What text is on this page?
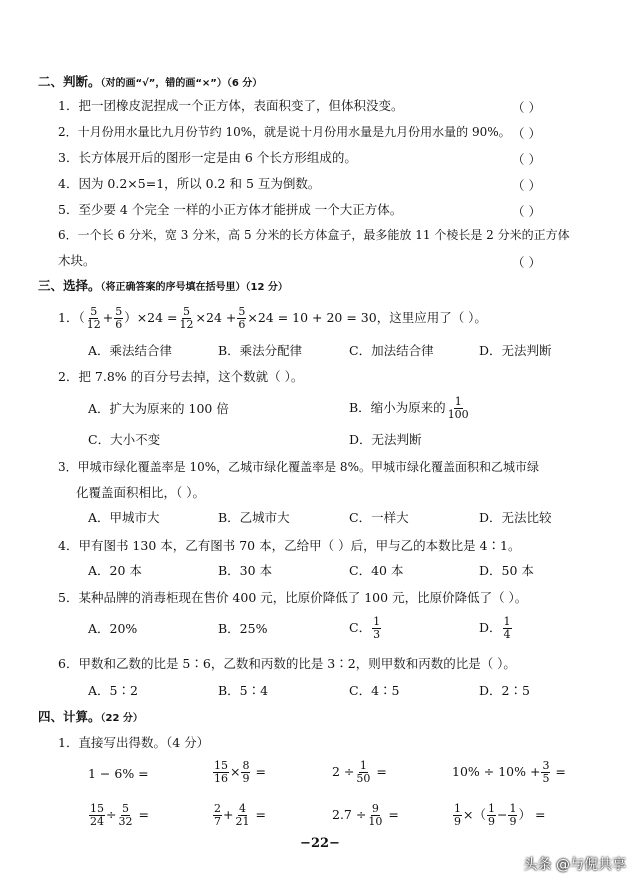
二、判断。（对的画“√”，错的画“×”）（6 分）
1．把一团橡皮泥捏成一个正方体，表面积变了，但体积没变。	（ ）
2．十月份用水量比九月份节约 10%，就是说十月份用水量是九月份用水量的 90%。 （ ）
3．长方体展开后的图形一定是由 6 个长方形组成的。	（ ）
4．因为 0.2×5=1，所以 0.2 和 5 互为倒数。	（ ）
5．至少要 4 个完全 一样的小正方体才能拼成 一个大正方体。	（ ）
6．一个长 6 分米，宽 3 分米，高 5 分米的长方体盒子，最多能放 11 个棱长是 2 分米的正方体
木块。	（ ）
三、选择。（将正确答案的序号填在括号里）（12 分）
1．（ $\frac{5}{12} + \frac{5}{6} )\times 24 = \frac{5}{12} \times 24 + \frac{5}{6} \times 24 = 10 + 20 = 30$，这里应用了（ ）。
A．乘法结合律	B．乘法分配律	C．加法结合律	D．无法判断
2．把 7.8% 的百分号去掉，这个数就（ ）。
A．扩大为原来的 100 倍	B．缩小为原来的 $\frac{1}{100}$
C．大小不变	D．无法判断
3．甲城市绿化覆盖率是 10%，乙城市绿化覆盖率是 8%。甲城市绿化覆盖面积和乙城市绿
化覆盖面积相比，（ ）。
A．甲城市大	B．乙城市大	C．一样大	D．无法比较
4．甲有图书 130 本，乙有图书 70 本，乙给甲（ ）后，甲与乙的本数比是 4∶1。
A．20 本	B．30 本	C．40 本	D．50 本
5．某种品牌的消毒柜现在售价 400 元，比原价降低了 100 元，比原价降低了（ ）。
A．20%	B．25%	C． $\frac{1}{3}$	D． $\frac{1}{4}$
6．甲数和乙数的比是 5∶6，乙数和丙数的比是 3∶2，则甲数和丙数的比是（ ）。
A．5∶2	B．5∶4	C．4∶5	D．2∶5
四、计算。（22 分）
1．直接写出得数。（4 分）
1 − 6% =	$\frac{15}{16} \times \frac{8}{9}$ =	$2 \div \frac{1}{50}$ =	$10\% \div 10\% + \frac{3}{5}$ =
$\frac{15}{24} \div \frac{5}{32}$ =	$\frac{2}{7} + \frac{4}{21}$ =	$2.7 \div \frac{9}{10}$ =	$\frac{1}{9}$ ×（ $\frac{1}{9} - \frac{1}{9}$ ） =
−22−
头条 @与倪共享
